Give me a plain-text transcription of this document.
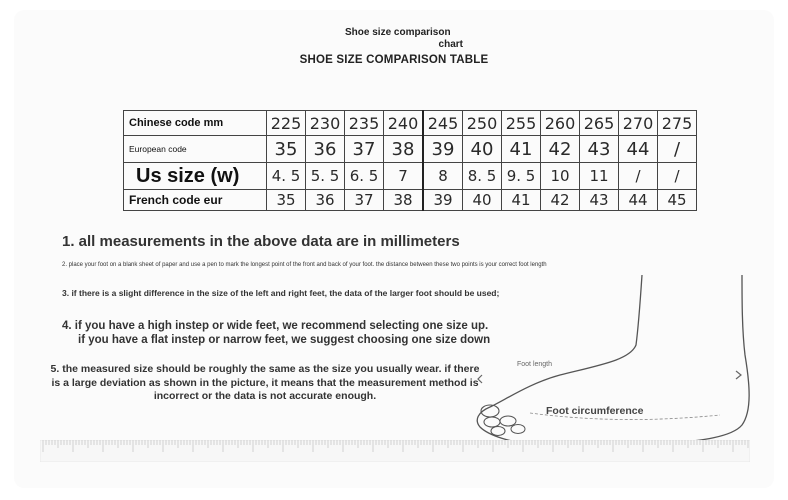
Shoe size comparison
chart
SHOE SIZE COMPARISON TABLE
Chinese code mm	225	230	235	240	245	250	255	260	265	270	275
European code	35	36	37	38	39	40	41	42	43	44	/
Us size (w)	4. 5	5. 5	6. 5	7	8	8. 5	9. 5	10	11	/	/
French code eur	35	36	37	38	39	40	41	42	43	44	45
1. all measurements in the above data are in millimeters
2. place your foot on a blank sheet of paper and use a pen to mark the longest point of the front and back of your foot. the distance between these two points is your correct foot length
3. if there is a slight difference in the size of the left and right feet, the data of the larger foot should be used;
4. if you have a high instep or wide feet, we recommend selecting one size up.
if you have a flat instep or narrow feet, we suggest choosing one size down
5. the measured size should be roughly the same as the size you usually wear. if there is a large deviation as shown in the picture, it means that the measurement method is incorrect or the data is not accurate enough.
Foot length
Foot circumference
